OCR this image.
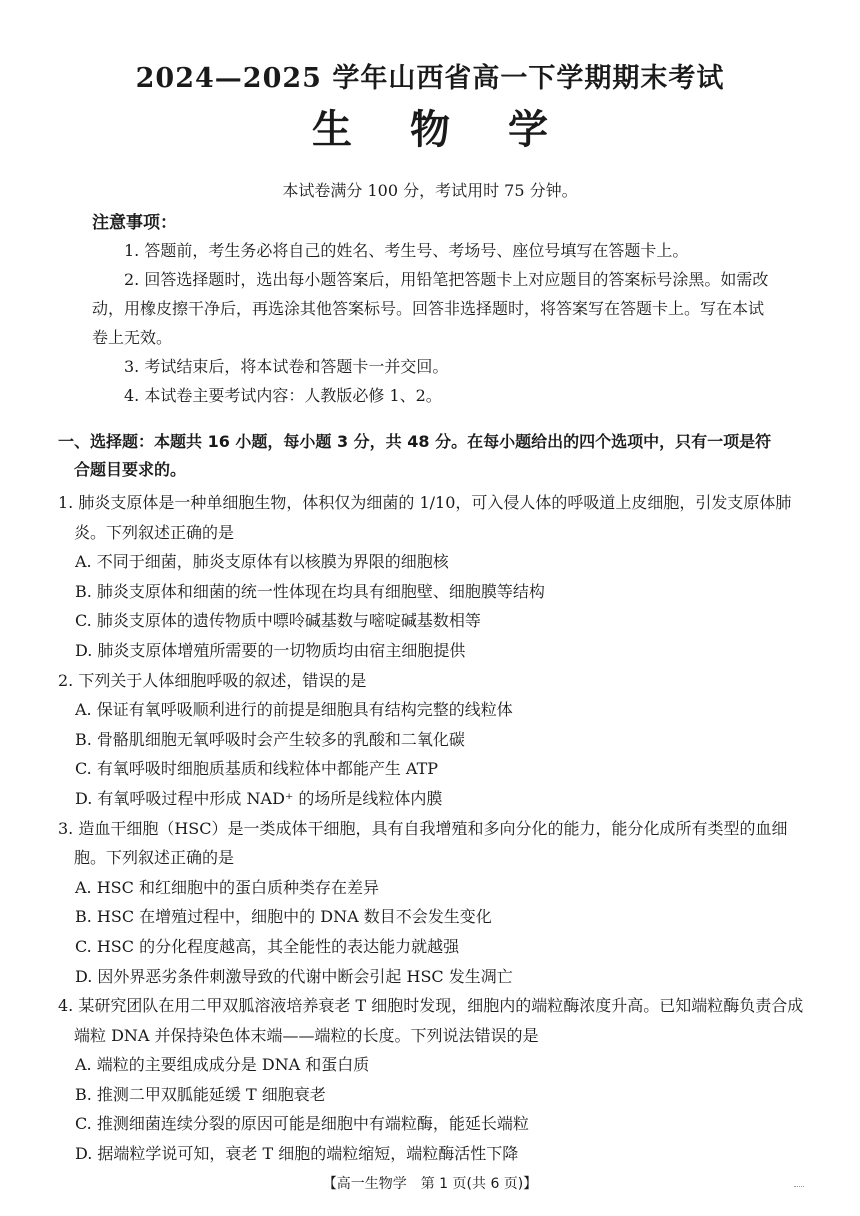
2024—2025 学年山西省高一下学期期末考试
生物学
本试卷满分 100 分，考试用时 75 分钟。
注意事项：

1. 答题前，考生务必将自己的姓名、考生号、考场号、座位号填写在答题卡上。

2. 回答选择题时，选出每小题答案后，用铅笔把答题卡上对应题目的答案标号涂黑。如需改动，用橡皮擦干净后，再选涂其他答案标号。回答非选择题时，将答案写在答题卡上。写在本试卷上无效。

3. 考试结束后，将本试卷和答题卡一并交回。

4. 本试卷主要考试内容：人教版必修 1、2。

一、选择题：本题共 16 小题，每小题 3 分，共 48 分。在每小题给出的四个选项中，只有一项是符
合题目要求的。

1. 肺炎支原体是一种单细胞生物，体积仅为细菌的 1/10，可入侵人体的呼吸道上皮细胞，引发支原体肺炎。下列叙述正确的是

A. 不同于细菌，肺炎支原体有以核膜为界限的细胞核

B. 肺炎支原体和细菌的统一性体现在均具有细胞壁、细胞膜等结构

C. 肺炎支原体的遗传物质中嘌呤碱基数与嘧啶碱基数相等

D. 肺炎支原体增殖所需要的一切物质均由宿主细胞提供

2. 下列关于人体细胞呼吸的叙述，错误的是

A. 保证有氧呼吸顺利进行的前提是细胞具有结构完整的线粒体

B. 骨骼肌细胞无氧呼吸时会产生较多的乳酸和二氧化碳

C. 有氧呼吸时细胞质基质和线粒体中都能产生 ATP

D. 有氧呼吸过程中形成 NAD⁺ 的场所是线粒体内膜

3. 造血干细胞（HSC）是一类成体干细胞，具有自我增殖和多向分化的能力，能分化成所有类型的血细胞。下列叙述正确的是

A. HSC 和红细胞中的蛋白质种类存在差异

B. HSC 在增殖过程中，细胞中的 DNA 数目不会发生变化

C. HSC 的分化程度越高，其全能性的表达能力就越强

D. 因外界恶劣条件刺激导致的代谢中断会引起 HSC 发生凋亡

4. 某研究团队在用二甲双胍溶液培养衰老 T 细胞时发现，细胞内的端粒酶浓度升高。已知端粒酶负责合成端粒 DNA 并保持染色体末端——端粒的长度。下列说法错误的是

A. 端粒的主要组成成分是 DNA 和蛋白质

B. 推测二甲双胍能延缓 T 细胞衰老

C. 推测细菌连续分裂的原因可能是细胞中有端粒酶，能延长端粒

D. 据端粒学说可知，衰老 T 细胞的端粒缩短，端粒酶活性下降

【高一生物学　第 1 页(共 6 页)】
